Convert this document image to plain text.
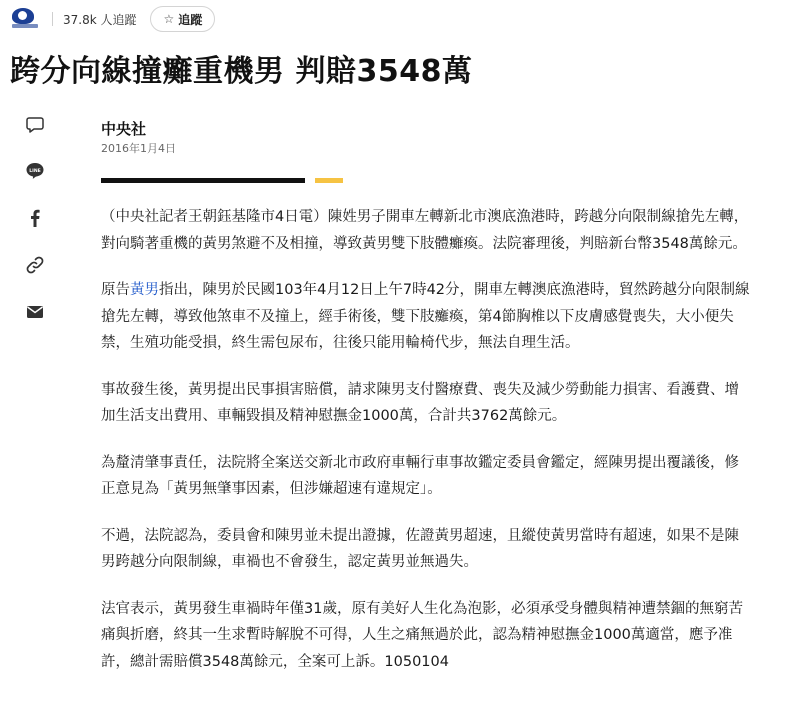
37.8k 人追蹤 ☆ 追蹤
跨分向線撞癱重機男 判賠3548萬
LINE
中央社
2016年1月4日

（中央社記者王朝鈺基隆市4日電）陳姓男子開車左轉新北市澳底漁港時，跨越分向限制線搶先左轉，對向騎著重機的黃男煞避不及相撞，導致黃男雙下肢體癱瘓。法院審理後，判賠新台幣3548萬餘元。

原告黃男指出，陳男於民國103年4月12日上午7時42分，開車左轉澳底漁港時，貿然跨越分向限制線搶先左轉，導致他煞車不及撞上，經手術後，雙下肢癱瘓，第4節胸椎以下皮膚感覺喪失，大小便失禁，生殖功能受損，終生需包尿布，往後只能用輪椅代步，無法自理生活。

事故發生後，黃男提出民事損害賠償，請求陳男支付醫療費、喪失及減少勞動能力損害、看護費、增加生活支出費用、車輛毀損及精神慰撫金1000萬，合計共3762萬餘元。

為釐清肇事責任，法院將全案送交新北市政府車輛行車事故鑑定委員會鑑定，經陳男提出覆議後，修正意見為「黃男無肇事因素，但涉嫌超速有違規定」。

不過，法院認為，委員會和陳男並未提出證據，佐證黃男超速，且縱使黃男當時有超速，如果不是陳男跨越分向限制線，車禍也不會發生，認定黃男並無過失。

法官表示，黃男發生車禍時年僅31歲，原有美好人生化為泡影，必須承受身體與精神遭禁錮的無窮苦痛與折磨，終其一生求暫時解脫不可得，人生之痛無過於此，認為精神慰撫金1000萬適當，應予准許，總計需賠償3548萬餘元，全案可上訴。1050104
